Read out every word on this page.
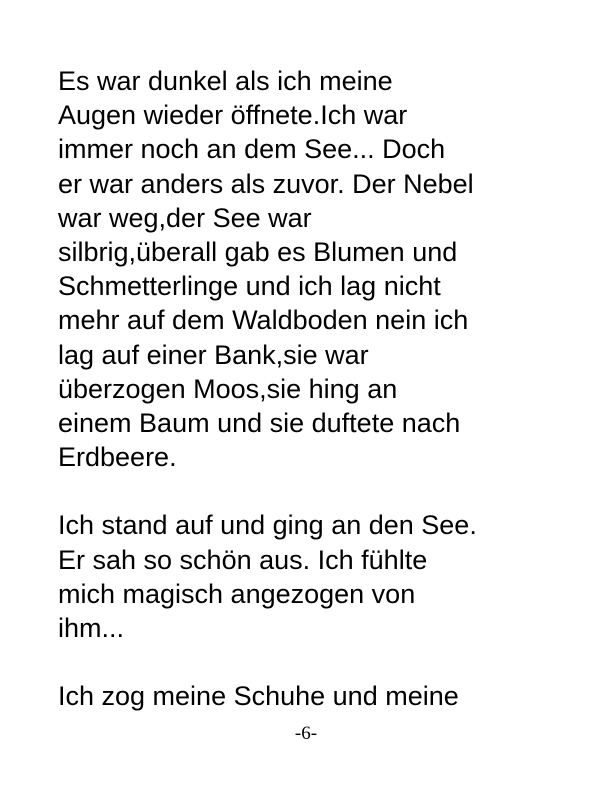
Es war dunkel als ich meine
Augen wieder öffnete.Ich war
immer noch an dem See... Doch
er war anders als zuvor. Der Nebel
war weg,der See war
silbrig,überall gab es Blumen und
Schmetterlinge und ich lag nicht
mehr auf dem Waldboden nein ich
lag auf einer Bank,sie war
überzogen Moos,sie hing an
einem Baum und sie duftete nach
Erdbeere.
Ich stand auf und ging an den See.
Er sah so schön aus. Ich fühlte
mich magisch angezogen von
ihm...
Ich zog meine Schuhe und meine
-6-
